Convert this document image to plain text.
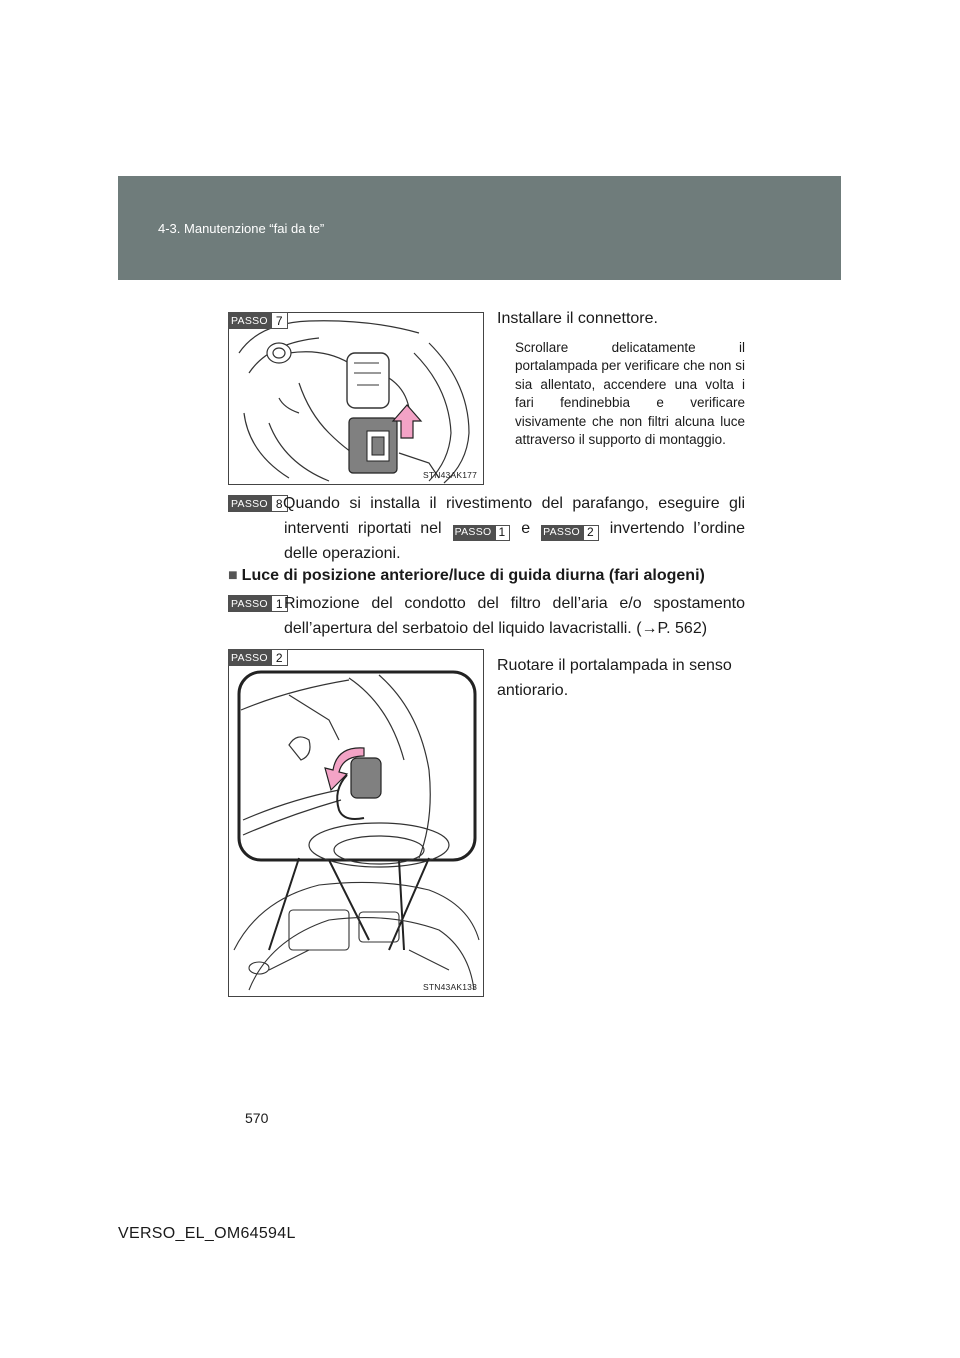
4-3. Manutenzione “fai da te”
STN43AK177
PASSO 7	Installare il connettore.
Scrollare delicatamente il portalampada per verificare che non si sia allentato, accendere una volta i fari fendinebbia e verificare visivamente che non filtri alcuna luce attraverso il supporto di montaggio.
PASSO 8 Quando si installa il rivestimento del parafango, eseguire gli interventi riportati nel PASSO 1	e PASSO 2	invertendo l’ordine delle operazioni.
■ Luce di posizione anteriore/luce di guida diurna (fari alogeni)
PASSO 1 Rimozione del condotto del filtro dell’aria e/o spostamento dell’apertura del serbatoio del liquido lavacristalli. (→P. 562)
STN43AK133
PASSO 2	Ruotare il portalampada in senso antiorario.
570
VERSO_EL_OM64594L
